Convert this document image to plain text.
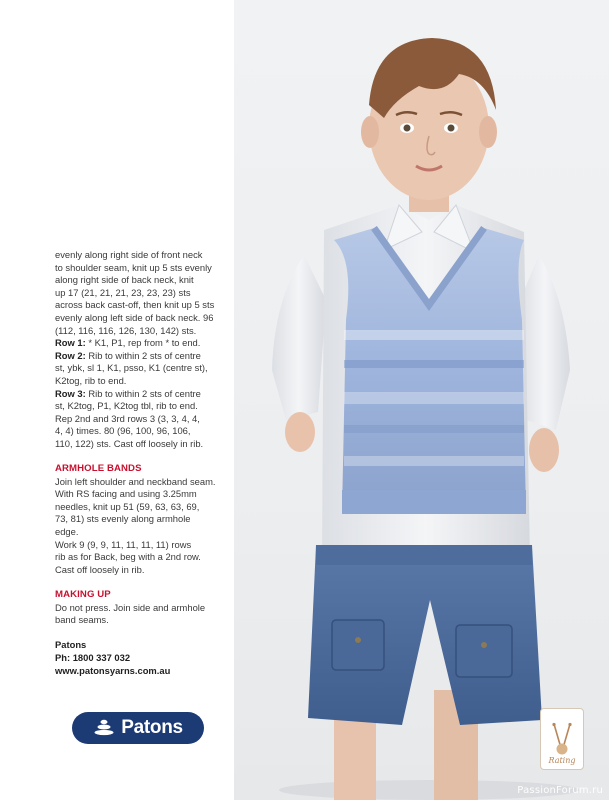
evenly along right side of front neck

to shoulder seam, knit up 5 sts evenly

along right side of back neck, knit

up 17 (21, 21, 21, 23, 23, 23) sts

across back cast-off, then knit up 5 sts

evenly along left side of back neck. 96

(112, 116, 116, 126, 130, 142) sts.

Row 1: * K1, P1, rep from * to end.

Row 2: Rib to within 2 sts of centre

st, ybk, sl 1, K1, psso, K1 (centre st),

K2tog, rib to end.

Row 3: Rib to within 2 sts of centre

st, K2tog, P1, K2tog tbl, rib to end.

Rep 2nd and 3rd rows 3 (3, 3, 4, 4,

4, 4) times. 80 (96, 100, 96, 106,

110, 122) sts. Cast off loosely in rib.

ARMHOLE BANDS

Join left shoulder and neckband seam.

With RS facing and using 3.25mm

needles, knit up 51 (59, 63, 63, 69,

73, 81) sts evenly along armhole

edge.

Work 9 (9, 9, 11, 11, 11, 11) rows

rib as for Back, beg with a 2nd row.

Cast off loosely in rib.

MAKING UP

Do not press. Join side and armhole

band seams.

Patons

Ph: 1800 337 032

www.patonsyarns.com.au

Patons
Rating
PassionForum.ru
